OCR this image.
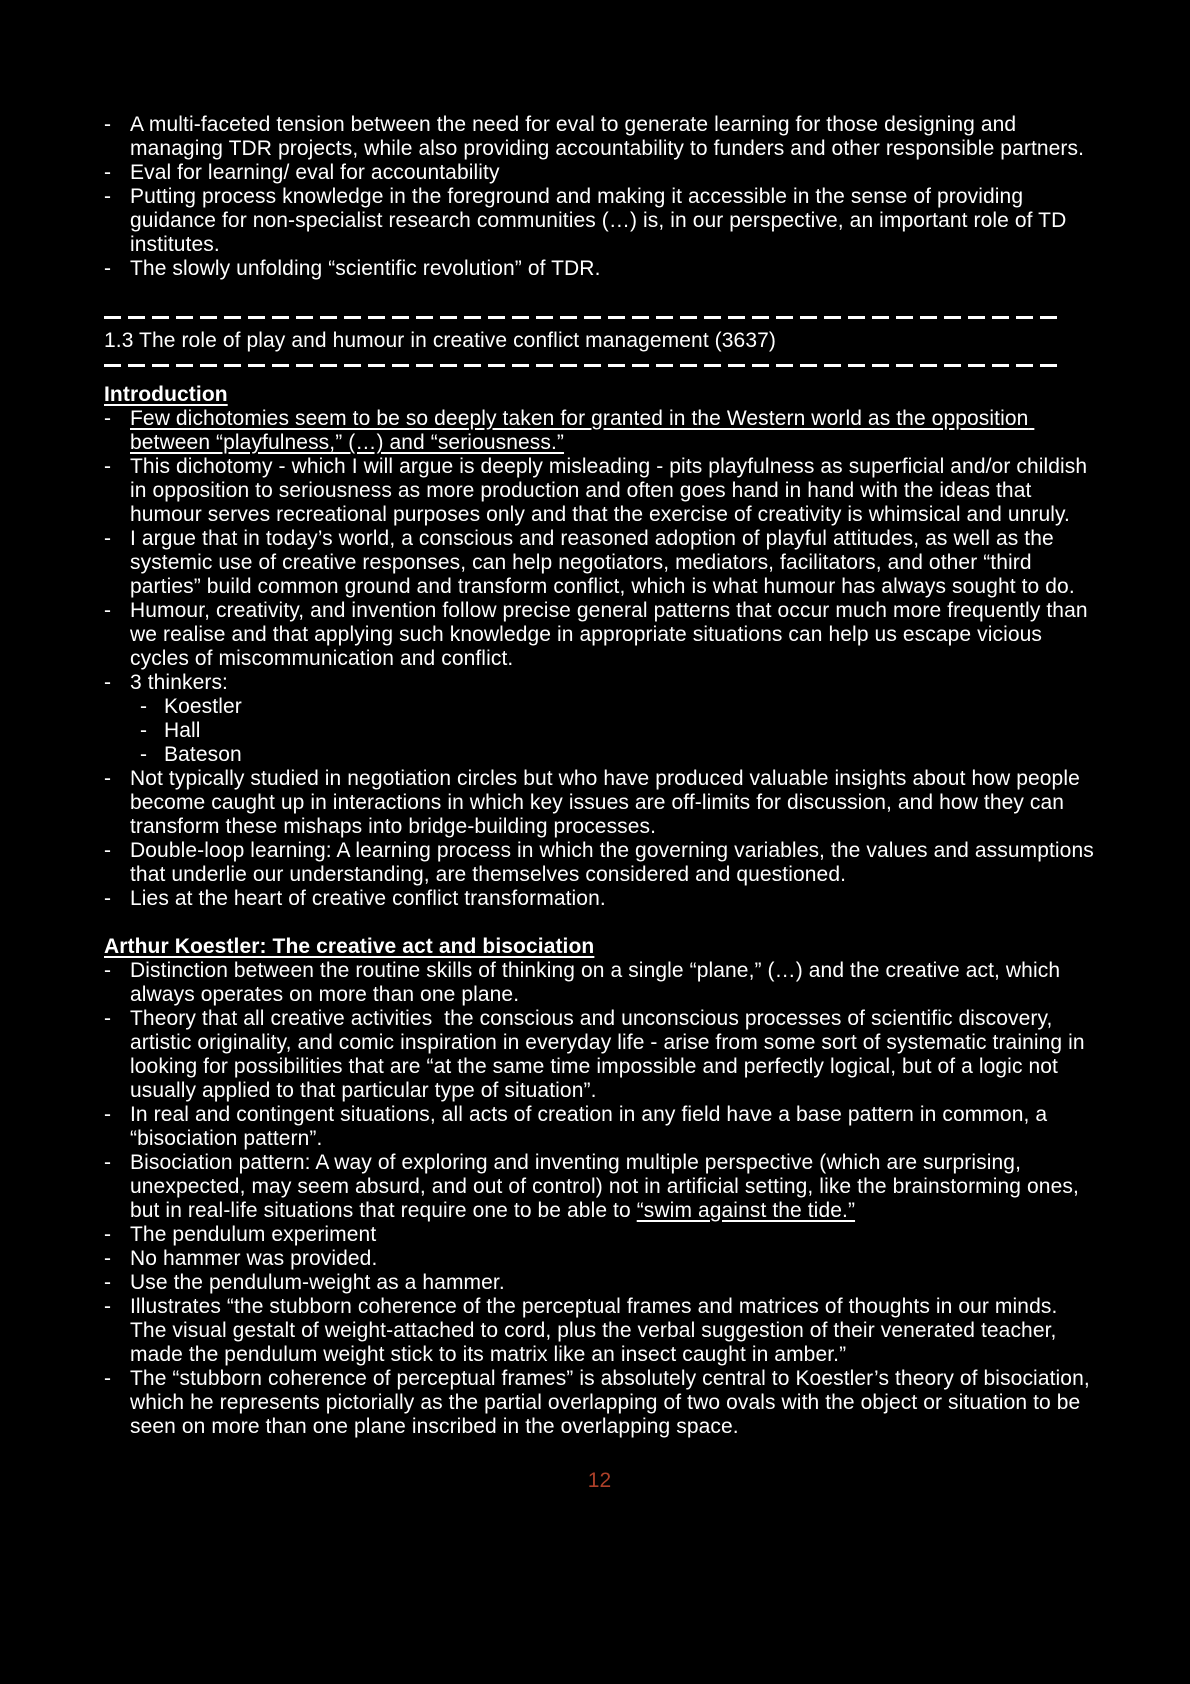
- A multi-faceted tension between the need for eval to generate learning for those designing and managing TDR projects, while also providing accountability to funders and other responsible partners.
- Eval for learning/ eval for accountability
- Putting process knowledge in the foreground and making it accessible in the sense of providing guidance for non-specialist research communities (…) is, in our perspective, an important role of TD institutes.
- The slowly unfolding “scientific revolution” of TDR.
1.3 The role of play and humour in creative conflict management (3637)
Introduction
- Few dichotomies seem to be so deeply taken for granted in the Western world as the opposition between “playfulness,” (…) and “seriousness.”
- This dichotomy - which I will argue is deeply misleading - pits playfulness as superficial and/or childish in opposition to seriousness as more production and often goes hand in hand with the ideas that humour serves recreational purposes only and that the exercise of creativity is whimsical and unruly.
- I argue that in today’s world, a conscious and reasoned adoption of playful attitudes, as well as the systemic use of creative responses, can help negotiators, mediators, facilitators, and other “third parties” build common ground and transform conflict, which is what humour has always sought to do.
- Humour, creativity, and invention follow precise general patterns that occur much more frequently than we realise and that applying such knowledge in appropriate situations can help us escape vicious cycles of miscommunication and conflict.
- 3 thinkers:
- Koestler
- Hall
- Bateson
- Not typically studied in negotiation circles but who have produced valuable insights about how people become caught up in interactions in which key issues are off-limits for discussion, and how they can transform these mishaps into bridge-building processes.
- Double-loop learning: A learning process in which the governing variables, the values and assumptions that underlie our understanding, are themselves considered and questioned.
- Lies at the heart of creative conflict transformation.
Arthur Koestler: The creative act and bisociation
- Distinction between the routine skills of thinking on a single “plane,” (…) and the creative act, which always operates on more than one plane.
- Theory that all creative activities  the conscious and unconscious processes of scientific discovery, artistic originality, and comic inspiration in everyday life - arise from some sort of systematic training in looking for possibilities that are “at the same time impossible and perfectly logical, but of a logic not usually applied to that particular type of situation”.
- In real and contingent situations, all acts of creation in any field have a base pattern in common, a “bisociation pattern”.
- Bisociation pattern: A way of exploring and inventing multiple perspective (which are surprising, unexpected, may seem absurd, and out of control) not in artificial setting, like the brainstorming ones, but in real-life situations that require one to be able to “swim against the tide.”
- The pendulum experiment
- No hammer was provided.
- Use the pendulum-weight as a hammer.
- Illustrates “the stubborn coherence of the perceptual frames and matrices of thoughts in our minds. The visual gestalt of weight-attached to cord, plus the verbal suggestion of their venerated teacher, made the pendulum weight stick to its matrix like an insect caught in amber.”
- The “stubborn coherence of perceptual frames” is absolutely central to Koestler’s theory of bisociation, which he represents pictorially as the partial overlapping of two ovals with the object or situation to be seen on more than one plane inscribed in the overlapping space.
12
